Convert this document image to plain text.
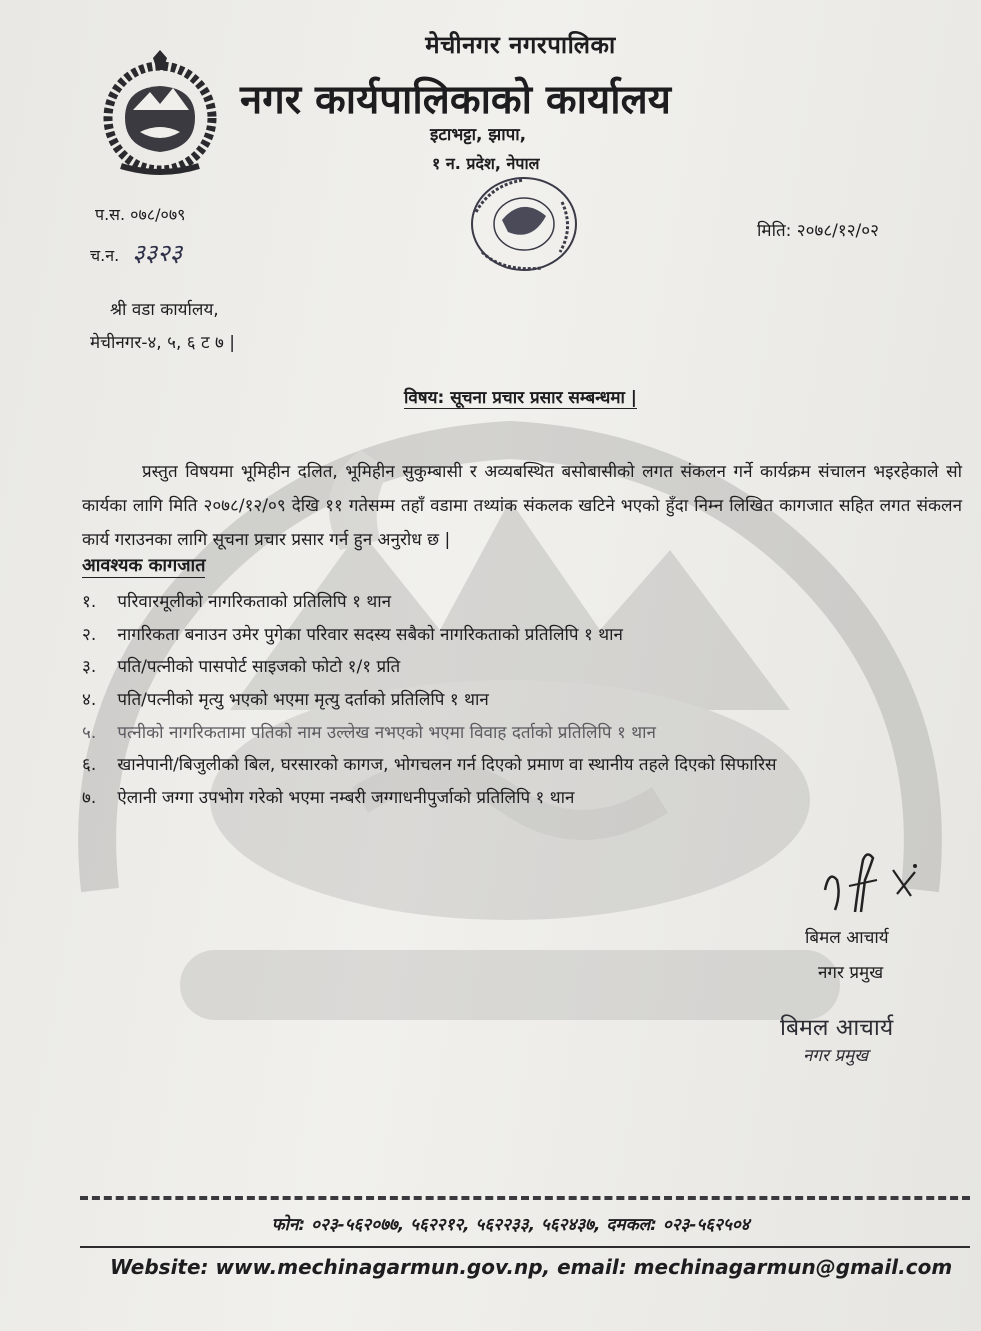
मेचीनगर नगरपालिका
नगर कार्यपालिकाको कार्यालय
इटाभट्टा, झापा,
१ न. प्रदेश, नेपाल
प.स. ०७८/०७९
च.न. ३३२३
मिति: २०७८/१२/०२
श्री वडा कार्यालय,
मेचीनगर-४, ५, ६ ट ७ |
विषय: सूचना प्रचार प्रसार सम्बन्धमा |
प्रस्तुत विषयमा भूमिहीन दलित, भूमिहीन सुकुम्बासी र अव्यबस्थित बसोबासीको लगत संकलन गर्ने कार्यक्रम संचालन भइरहेकाले सो कार्यका लागि मिति २०७८/१२/०९ देखि ११ गतेसम्म तहाँ वडामा तथ्यांक संकलक खटिने भएको हुँदा निम्न लिखित कागजात सहित लगत संकलन कार्य गराउनका लागि सूचना प्रचार प्रसार गर्न हुन अनुरोध छ |
आवश्यक कागजात
१. परिवारमूलीको नागरिकताको प्रतिलिपि १ थान
२. नागरिकता बनाउन उमेर पुगेका परिवार सदस्य सबैको नागरिकताको प्रतिलिपि १ थान
३. पति/पत्नीको पासपोर्ट साइजको फोटो १/१ प्रति
४. पति/पत्नीको मृत्यु भएको भएमा मृत्यु दर्ताको प्रतिलिपि १ थान
५. पत्नीको नागरिकतामा पतिको नाम उल्लेख नभएको भएमा विवाह दर्ताको प्रतिलिपि १ थान
६. खानेपानी/बिजुलीको बिल, घरसारको कागज, भोगचलन गर्न दिएको प्रमाण वा स्थानीय तहले दिएको सिफारिस
७. ऐलानी जग्गा उपभोग गरेको भएमा नम्बरी जग्गाधनीपुर्जाको प्रतिलिपि १ थान
बिमल आचार्य
नगर प्रमुख
बिमल आचार्य
नगर प्रमुख
फोन: ०२३-५६२०७७, ५६२२१२, ५६२२३३, ५६२४३७, दमकल: ०२३-५६२५०४
Website: www.mechinagarmun.gov.np, email: mechinagarmun@gmail.com
